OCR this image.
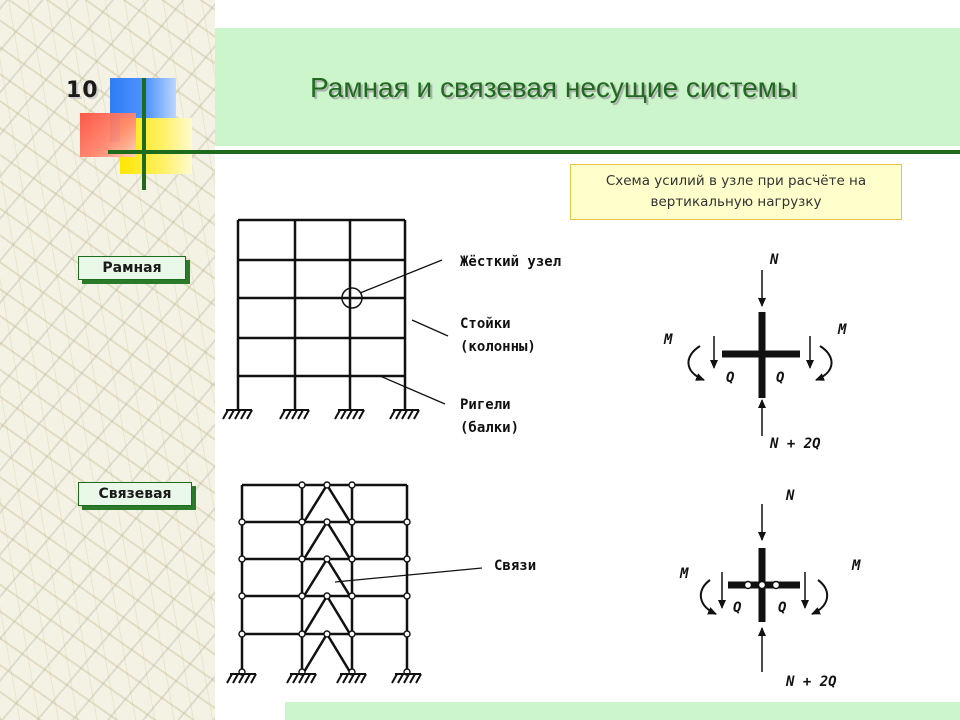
10	Рамная и связевая несущие системы
Схема усилий в узле при расчёте на
вертикальную нагрузку
Рамная
Связевая
Жёсткий узел
Стойки
(колонны)
Ригели
(балки)
Связи
N
N + 2Q
M
M
Q	Q
N
N + 2Q
M	M
Q	Q
